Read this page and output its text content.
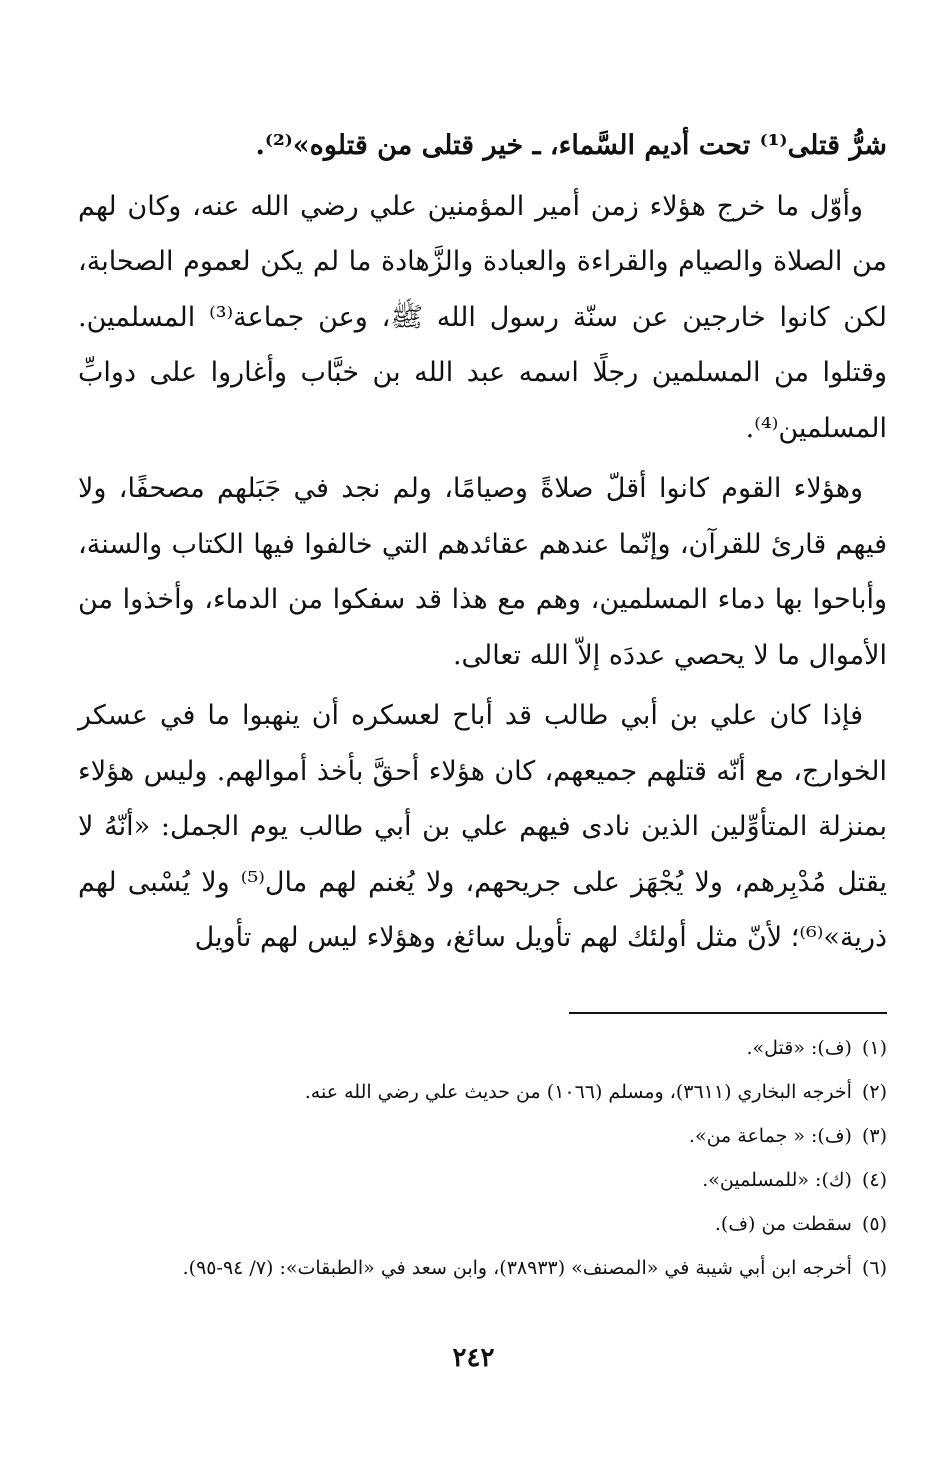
شرُّ قتلى⁽¹⁾ تحت أديم السَّماء، ـ خير قتلى من قتلوه»⁽²⁾.

وأوّل ما خرج هؤلاء زمن أمير المؤمنين علي رضي الله عنه، وكان لهم من الصلاة والصيام والقراءة والعبادة والزَّهادة ما لم يكن لعموم الصحابة، لكن كانوا خارجين عن سنّة رسول الله ﷺ، وعن جماعة⁽³⁾ المسلمين. وقتلوا من المسلمين رجلًا اسمه عبد الله بن خبَّاب وأغاروا على دوابِّ المسلمين⁽⁴⁾.

وهؤلاء القوم كانوا أقلّ صلاةً وصيامًا، ولم نجد في جَبَلهم مصحفًا، ولا فيهم قارئ للقرآن، وإنّما عندهم عقائدهم التي خالفوا فيها الكتاب والسنة، وأباحوا بها دماء المسلمين، وهم مع هذا قد سفكوا من الدماء، وأخذوا من الأموال ما لا يحصي عددَه إلاّ الله تعالى.

فإذا كان علي بن أبي طالب قد أباح لعسكره أن ينهبوا ما في عسكر الخوارج، مع أنّه قتلهم جميعهم، كان هؤلاء أحقَّ بأخذ أموالهم. وليس هؤلاء بمنزلة المتأوِّلين الذين نادى فيهم علي بن أبي طالب يوم الجمل: «أنّهُ لا يقتل مُدْبِرهم، ولا يُجْهَز على جريحهم، ولا يُغنم لهم مال⁽⁵⁾ ولا يُسْبى لهم ذرية»⁽⁶⁾؛ لأنّ مثل أولئك لهم تأويل سائغ، وهؤلاء ليس لهم تأويل

(١)
(ف): «قتل».
(٢)
أخرجه البخاري (٣٦١١)، ومسلم (١٠٦٦) من حديث علي رضي الله عنه.
(٣)
(ف): « جماعة من».
(٤)
(ك): «للمسلمين».
(٥)
سقطت من (ف).
(٦)
أخرجه ابن أبي شيبة في «المصنف» (٣٨٩٣٣)، وابن سعد في «الطبقات»: (٧/ ٩٤-٩٥).
٢٤٢
